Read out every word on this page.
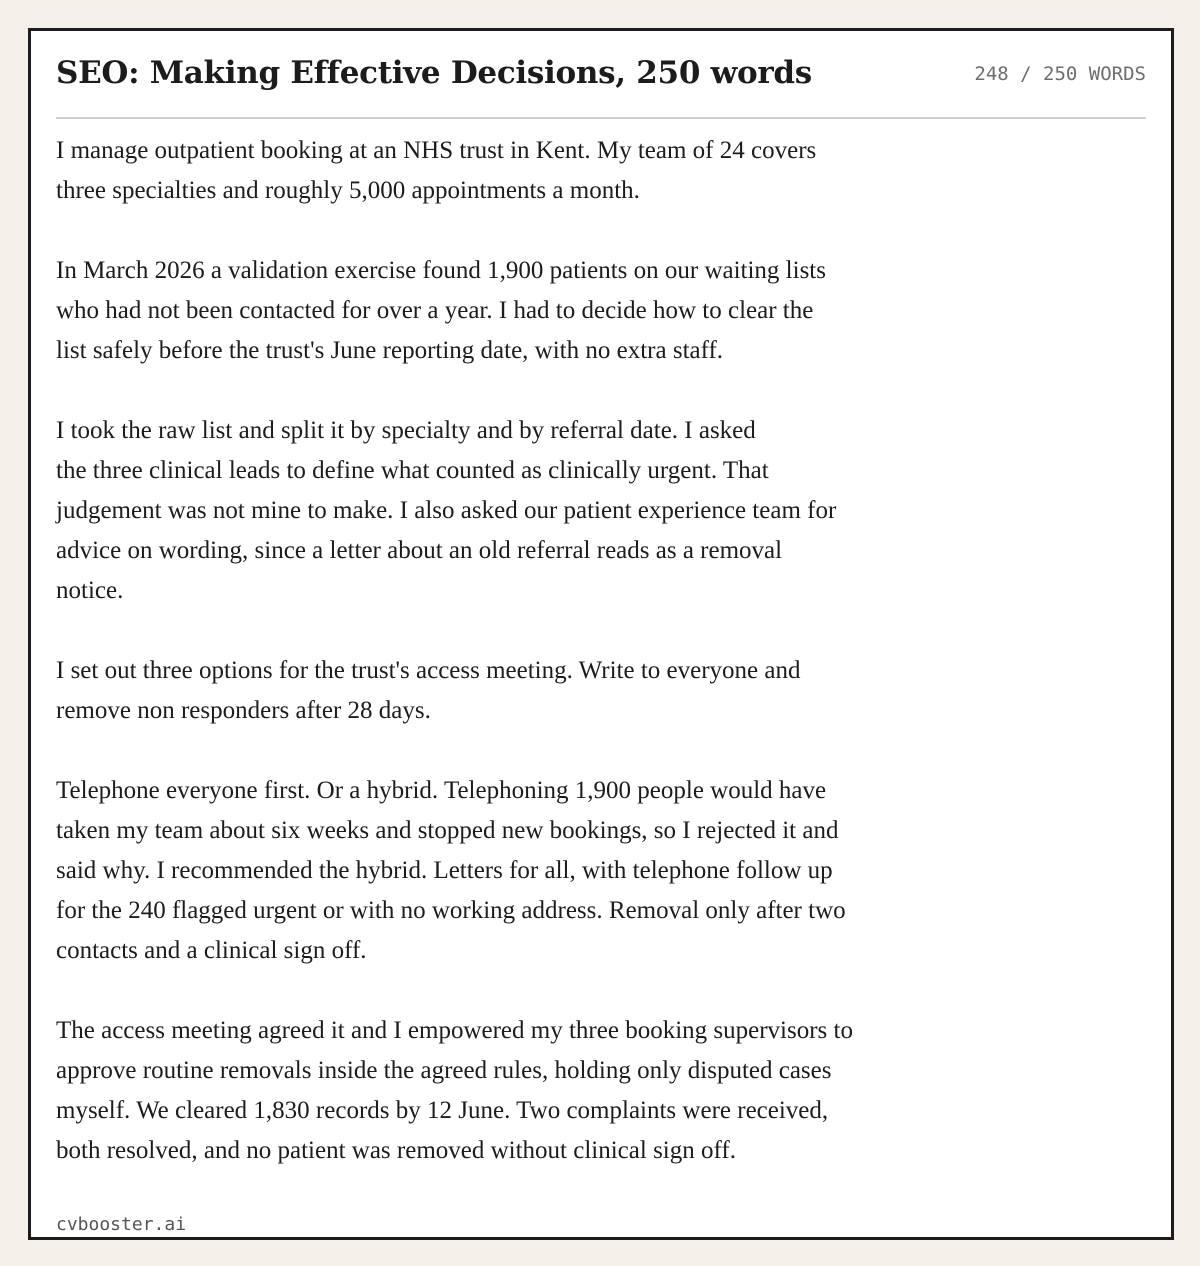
SEO: Making Effective Decisions, 250 words	248 / 250 WORDS

I manage outpatient booking at an NHS trust in Kent. My team of 24 covers
three specialties and roughly 5,000 appointments a month.

In March 2026 a validation exercise found 1,900 patients on our waiting lists
who had not been contacted for over a year. I had to decide how to clear the
list safely before the trust's June reporting date, with no extra staff.

I took the raw list and split it by specialty and by referral date. I asked
the three clinical leads to define what counted as clinically urgent. That
judgement was not mine to make. I also asked our patient experience team for
advice on wording, since a letter about an old referral reads as a removal
notice.

I set out three options for the trust's access meeting. Write to everyone and
remove non responders after 28 days.

Telephone everyone first. Or a hybrid. Telephoning 1,900 people would have
taken my team about six weeks and stopped new bookings, so I rejected it and
said why. I recommended the hybrid. Letters for all, with telephone follow up
for the 240 flagged urgent or with no working address. Removal only after two
contacts and a clinical sign off.

The access meeting agreed it and I empowered my three booking supervisors to
approve routine removals inside the agreed rules, holding only disputed cases
myself. We cleared 1,830 records by 12 June. Two complaints were received,
both resolved, and no patient was removed without clinical sign off.

cvbooster.ai
